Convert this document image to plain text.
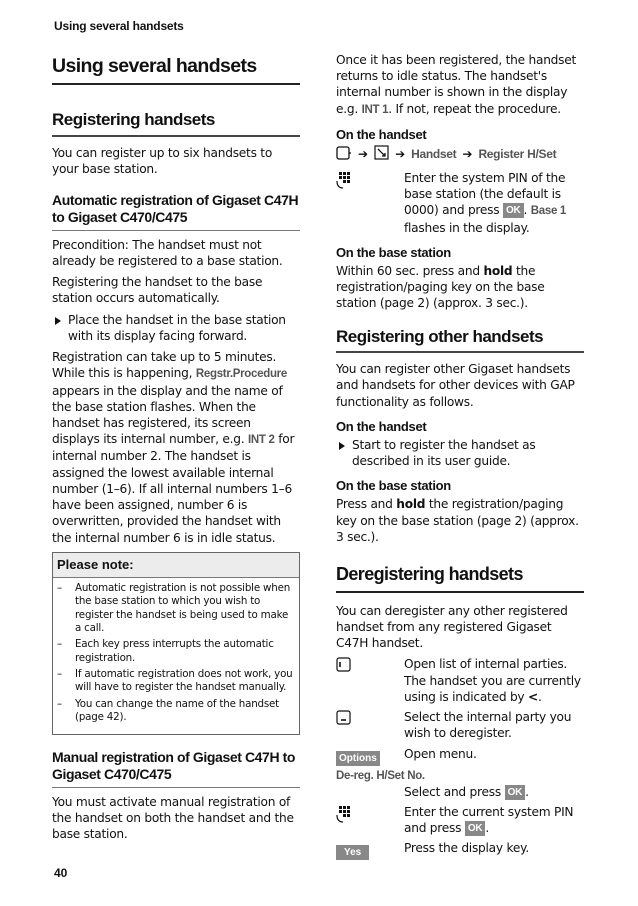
Using several handsets
Using several handsets
Registering handsets

You can register up to six handsets to your base station.

Automatic registration of Gigaset C47H to Gigaset C470/C475

Precondition: The handset must not already be registered to a base station.

Registering the handset to the base station occurs automatically.

Place the handset in the base station with its display facing forward.

Registration can take up to 5 minutes. While this is happening, Regstr.Procedure appears in the display and the name of the base station flashes. When the handset has registered, its screen displays its internal number, e.g. INT 2 for internal number 2. The handset is assigned the lowest available internal number (1–6). If all internal numbers 1–6 have been assigned, number 6 is overwritten, provided the handset with the internal number 6 is in idle status.

Please note:
– Automatic registration is not possible when the base station to which you wish to register the handset is being used to make a call.
– Each key press interrupts the automatic registration.
– If automatic registration does not work, you will have to register the handset manually.
– You can change the name of the handset (page 42).
Manual registration of Gigaset C47H to Gigaset C470/C475

You must activate manual registration of the handset on both the handset and the base station.

Once it has been registered, the handset returns to idle status. The handset's internal number is shown in the display e.g. INT 1. If not, repeat the procedure.

On the handset
➔ ➔ Handset ➔ Register H/Set

Enter the system PIN of the base station (the default is 0000) and press OK . Base 1 flashes in the display.

On the base station

Within 60 sec. press and hold the registration/paging key on the base station (page 2) (approx. 3 sec.).

Registering other handsets

You can register other Gigaset handsets and handsets for other devices with GAP functionality as follows.

On the handset

Start to register the handset as described in its user guide.

On the base station

Press and hold the registration/paging key on the base station (page 2) (approx. 3 sec.).

Deregistering handsets

You can deregister any other registered handset from any registered Gigaset C47H handset.

Open list of internal parties. The handset you are currently using is indicated by <.

Select the internal party you wish to deregister.

Options	Open menu.

De-reg. H/Set No.

Select and press OK .

Enter the current system PIN and press OK .

Yes	Press the display key.

40
